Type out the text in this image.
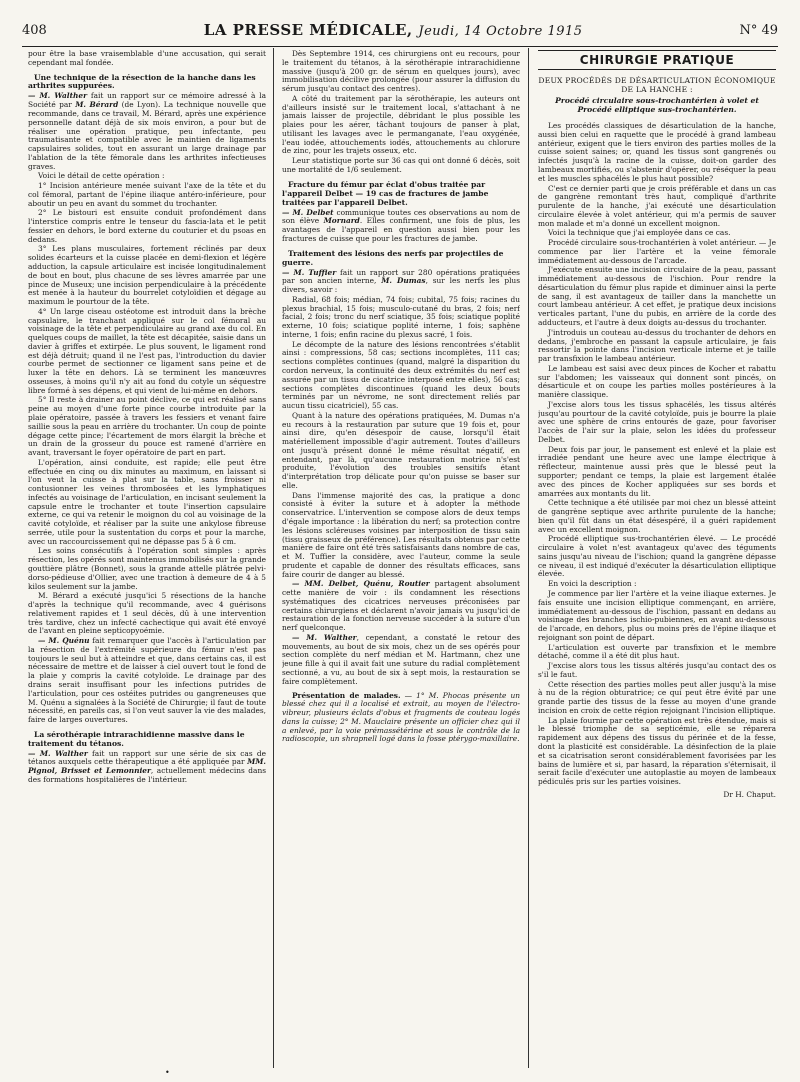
408	LA PRESSE MÉDICALE, Jeudi, 14 Octobre 1915	N° 49

pour être la base vraisemblable d'une accusation, qui serait cependant mal fondée.

Une technique de la résection de la hanche dans les arthrites suppurées.

— M. Walther fait un rapport sur ce mémoire adressé à la Société par M. Bérard (de Lyon). La technique nouvelle que recommande, dans ce travail, M. Bérard, après une expérience personnelle datant déjà de six mois environ, a pour but de réaliser une opération pratique, peu infectante, peu traumatisante et compatible avec le maintien de ligaments capsulaires solides, tout en assurant un large drainage par l'ablation de la tête fémorale dans les arthrites infectieuses graves.

Voici le détail de cette opération :

1° Incision antérieure menée suivant l'axe de la tête et du col fémoral, partant de l'épine iliaque antéro-inférieure, pour aboutir un peu en avant du sommet du trochanter.

2° Le bistouri est ensuite conduit profondément dans l'interstice compris entre le tenseur du fascia-lata et le petit fessier en dehors, le bord externe du couturier et du psoas en dedans.

3° Les plans musculaires, fortement réclinés par deux solides écarteurs et la cuisse placée en demi-flexion et légère adduction, la capsule articulaire est incisée longitudinalement de bout en bout, plus chacune de ses lèvres amarrée par une pince de Museux; une incision perpendiculaire à la précédente est menée à la hauteur du bourrelet cotyloïdien et dégage au maximum le pourtour de la tête.

4° Un large ciseau ostéotome est introduit dans la brèche capsulaire, le tranchant appliqué sur le col fémoral au voisinage de la tête et perpendiculaire au grand axe du col. En quelques coups de maillet, la tête est décapitée, saisie dans un davier à griffes et extirpée. Le plus souvent, le ligament rond est déjà détruit; quand il ne l'est pas, l'introduction du davier courbe permet de sectionner ce ligament sans peine et de luxer la tête en dehors. Là se terminent les manœuvres osseuses, à moins qu'il n'y ait au fond du cotyle un séquestre libre formé à ses dépens, et qui vient de lui-même en dehors.

5° Il reste à drainer au point déclive, ce qui est réalisé sans peine au moyen d'une forte pince courbe introduite par la plaie opératoire, passée à travers les fessiers et venant faire saillie sous la peau en arrière du trochanter. Un coup de pointe dégage cette pince; l'écartement de mors élargit la brèche et un drain de la grosseur du pouce est ramené d'arrière en avant, traversant le foyer opératoire de part en part.

L'opération, ainsi conduite, est rapide; elle peut être effectuée en cinq ou dix minutes au maximum, en laissant si l'on veut la cuisse à plat sur la table, sans froisser ni contusionner les veines thrombosées et les lymphatiques infectés au voisinage de l'articulation, en incisant seulement la capsule entre le trochanter et toute l'insertion capsulaire externe, ce qui va retenir le moignon du col au voisinage de la cavité cotyloïde, et réaliser par la suite une ankylose fibreuse serrée, utile pour la sustentation du corps et pour la marche, avec un raccourcissement qui ne dépasse pas 5 à 6 cm.

Les soins consécutifs à l'opération sont simples : après résection, les opérés sont maintenus immobilisés sur la grande gouttière plâtre (Bonnet), sous la grande attelle plâtrée pelvi-dorso-pédieuse d'Ollier, avec une traction à demeure de 4 à 5 kilos seulement sur la jambe.

M. Bérard a exécuté jusqu'ici 5 résections de la hanche d'après la technique qu'il recommande, avec 4 guérisons relativement rapides et 1 seul décès, dû à une intervention très tardive, chez un infecté cachectique qui avait été envoyé de l'avant en pleine septicopyoémie.

— M. Quénu fait remarquer que l'accès à l'articulation par la résection de l'extrémité supérieure du fémur n'est pas toujours le seul but à atteindre et que, dans certains cas, il est nécessaire de mettre et de laisser à ciel ouvert tout le fond de la plaie y compris la cavité cotyloïde. Le drainage par des drains serait insuffisant pour les infections putrides de l'articulation, pour ces ostéites putrides ou gangreneuses que M. Quénu a signalées à la Société de Chirurgie; il faut de toute nécessité, en pareils cas, si l'on veut sauver la vie des malades, faire de larges ouvertures.

La sérothérapie intrarachidienne massive dans le traitement du tétanos.

— M. Walther fait un rapport sur une série de six cas de tétanos auxquels cette thérapeutique a été appliquée par MM. Pignol, Brisset et Lemonnier, actuellement médecins dans des formations hospitalières de l'intérieur.

Dès Septembre 1914, ces chirurgiens ont eu recours, pour le traitement du tétanos, à la sérothérapie intrarachidienne massive (jusqu'à 200 gr. de sérum en quelques jours), avec immobilisation décilive prolongée (pour assurer la diffusion du sérum jusqu'au contact des centres).

A côté du traitement par la sérothérapie, les auteurs ont d'ailleurs insisté sur le traitement local, s'attachant à ne jamais laisser de projectile, débridant le plus possible les plaies pour les aérer, tâchant toujours de panser à plat, utilisant les lavages avec le permanganate, l'eau oxygénée, l'eau iodée, attouchements iodés, attouchements au chlorure de zinc, pour les trajets osseux, etc.

Leur statistique porte sur 36 cas qui ont donné 6 décès, soit une mortalité de 1/6 seulement.

Fracture du fémur par éclat d'obus traitée par l'appareil Delbet — 19 cas de fractures de jambe traitées par l'appareil Delbet.

— M. Delbet communique toutes ces observations au nom de son élève Mornard. Elles confirment, une fois de plus, les avantages de l'appareil en question aussi bien pour les fractures de cuisse que pour les fractures de jambe.

Traitement des lésions des nerfs par projectiles de guerre.

— M. Tuffier fait un rapport sur 280 opérations pratiquées par son ancien interne, M. Dumas, sur les nerfs les plus divers, savoir :

Radial, 68 fois; médian, 74 fois; cubital, 75 fois; racines du plexus brachial, 15 fois; musculo-cutané du bras, 2 fois; nerf facial, 2 fois; tronc du nerf sciatique, 35 fois; sciatique poplité externe, 10 fois; sciatique poplité interne, 1 fois; saphène interne, 1 fois; enfin racine du plexus sacré, 1 fois.

Le décompte de la nature des lésions rencontrées s'établit ainsi : compressions, 58 cas; sections incomplètes, 111 cas; sections complètes continues (quand, malgré la disparition du cordon nerveux, la continuité des deux extrémités du nerf est assurée par un tissu de cicatrice interposé entre elles), 56 cas; sections complètes discontinues (quand les deux bouts terminés par un névrome, ne sont directement reliés par aucun tissu cicatriciel), 55 cas.

Quant à la nature des opérations pratiquées, M. Dumas n'a eu recours à la restauration par suture que 19 fois et, pour ainsi dire, qu'en désespoir de cause, lorsqu'il était matériellement impossible d'agir autrement. Toutes d'ailleurs ont jusqu'à présent donné le même résultat négatif, en entendant, par là, qu'aucune restauration motrice n's'est produite, l'évolution des troubles sensitifs étant d'interprétation trop délicate pour qu'on puisse se baser sur elle.

Dans l'immense majorité des cas, la pratique a donc consisté à éviter la suture et à adopter la méthode conservatrice. L'intervention se compose alors de deux temps d'égale importance : la libération du nerf; sa protection contre les lésions scléreuses voisines par interposition de tissu sain (tissu graisseux de préférence). Les résultats obtenus par cette manière de faire ont été très satisfaisants dans nombre de cas, et M. Tuffier la considère, avec l'auteur, comme la seule prudente et capable de donner des résultats efficaces, sans faire courir de danger au blessé.

— MM. Delbet, Quénu, Routier partagent absolument cette manière de voir : ils condamnent les résections systématiques des cicatrices nerveuses préconisées par certains chirurgiens et déclarent n'avoir jamais vu jusqu'ici de restauration de la fonction nerveuse succéder à la suture d'un nerf quelconque.

— M. Walther, cependant, a constaté le retour des mouvements, au bout de six mois, chez un de ses opérés pour section complète du nerf médian et M. Hartmann, chez une jeune fille à qui il avait fait une suture du radial complètement sectionné, a vu, au bout de six à sept mois, la restauration se faire complètement.

Présentation de malades. — 1° M. Phocas présente un blessé chez qui il a localisé et extrait, au moyen de l'électro-vibreur, plusieurs éclats d'obus et fragments de couteau logés dans la cuisse; 2° M. Mauclaire présente un officier chez qui il a enlevé, par la voie prémassétérine et sous le contrôle de la radioscopie, un shrapnell logé dans la fosse ptérygo-maxillaire.

CHIRURGIE PRATIQUE
DEUX PROCÉDÉS DE DÉSARTICULATION ÉCONOMIQUE DE LA HANCHE :
Procédé circulaire sous-trochantérien à volet et Procédé elliptique sus-trochantérien.

Les procédés classiques de désarticulation de la hanche, aussi bien celui en raquette que le procédé à grand lambeau antérieur, exigent que le tiers environ des parties molles de la cuisse soient saines; or, quand les tissus sont gangrenés ou infectés jusqu'à la racine de la cuisse, doit-on garder des lambeaux mortifiés, ou s'abstenir d'opérer, ou réséquer la peau et les muscles sphacélés le plus haut possible?

C'est ce dernier parti que je crois préférable et dans un cas de gangrène remontant très haut, compliqué d'arthrite purulente de la hanche, j'ai exécuté une désarticulation circulaire élevée à volet antérieur, qui m'a permis de sauver mon malade et m'a donné un excellent moignon.

Voici la technique que j'ai employée dans ce cas.

Procédé circulaire sous-trochantérien à volet antérieur. — Je commence par lier l'artère et la veine fémorale immédiatement au-dessous de l'arcade.

J'exécute ensuite une incision circulaire de la peau, passant immédiatement au-dessous de l'ischion. Pour rendre la désarticulation du fémur plus rapide et diminuer ainsi la perte de sang, il est avantageux de tailler dans la manchette un court lambeau antérieur. A cet effet, je pratique deux incisions verticales partant, l'une du pubis, en arrière de la corde des adducteurs, et l'autre à deux doigts au-dessus du trochanter.

J'introduis un couteau au-dessus du trochanter de dehors en dedans, j'embroche en passant la capsule articulaire, je fais ressortir la pointe dans l'incision verticale interne et je taille par transfixion le lambeau antérieur.

Le lambeau est saisi avec deux pinces de Kocher et rabattu sur l'abdomen; les vaisseaux qui donnent sont pincés, on désarticule et on coupe les parties molles postérieures à la manière classique.

J'excise alors tous les tissus sphacélés, les tissus altérés jusqu'au pourtour de la cavité cotyloïde, puis je bourre la plaie avec une sphère de crins entourés de gaze, pour favoriser l'accès de l'air sur la plaie, selon les idées du professeur Delbet.

Deux fois par jour, le pansement est enlevé et la plaie est irradiée pendant une heure avec une lampe électrique à réflecteur, maintenue aussi près que le blessé peut la supporter; pendant ce temps, la plaie est largement étalée avec des pinces de Kocher appliquées sur ses bords et amarrées aux montants du lit.

Cette technique a été utilisée par moi chez un blessé atteint de gangrène septique avec arthrite purulente de la hanche; bien qu'il fût dans un état désespéré, il a guéri rapidement avec un excellent moignon.

Procédé elliptique sus-trochantérien élevé. — Le procédé circulaire à volet n'est avantageux qu'avec des téguments sains jusqu'au niveau de l'ischion; quand la gangrène dépasse ce niveau, il est indiqué d'exécuter la désarticulation elliptique élevée.

En voici la description :

Je commence par lier l'artère et la veine iliaque externes. Je fais ensuite une incision elliptique commençant, en arrière, immédiatement au-dessous de l'ischion, passant en dedans au voisinage des branches ischio-pubiennes, en avant au-dessous de l'arcade, en dehors, plus ou moins près de l'épine iliaque et rejoignant son point de départ.

L'articulation est ouverte par transfixion et le membre détaché, comme il a été dit plus haut.

J'excise alors tous les tissus altérés jusqu'au contact des os s'il le faut.

Cette résection des parties molles peut aller jusqu'à la mise à nu de la région obturatrice; ce qui peut être évité par une grande partie des tissus de la fesse au moyen d'une grande incision en croix de cette région rejoignant l'incision elliptique.

La plaie fournie par cette opération est très étendue, mais si le blessé triomphe de sa septicémie, elle se réparera rapidement aux dépens des tissus du périnée et de la fesse, dont la plasticité est considérable. La désinfection de la plaie et sa cicatrisation seront considérablement favorisées par les bains de lumière et si, par hasard, la réparation s'éternisait, il serait facile d'exécuter une autoplastie au moyen de lambeaux pédiculés pris sur les parties voisines.

Dr H. Chaput.
•
